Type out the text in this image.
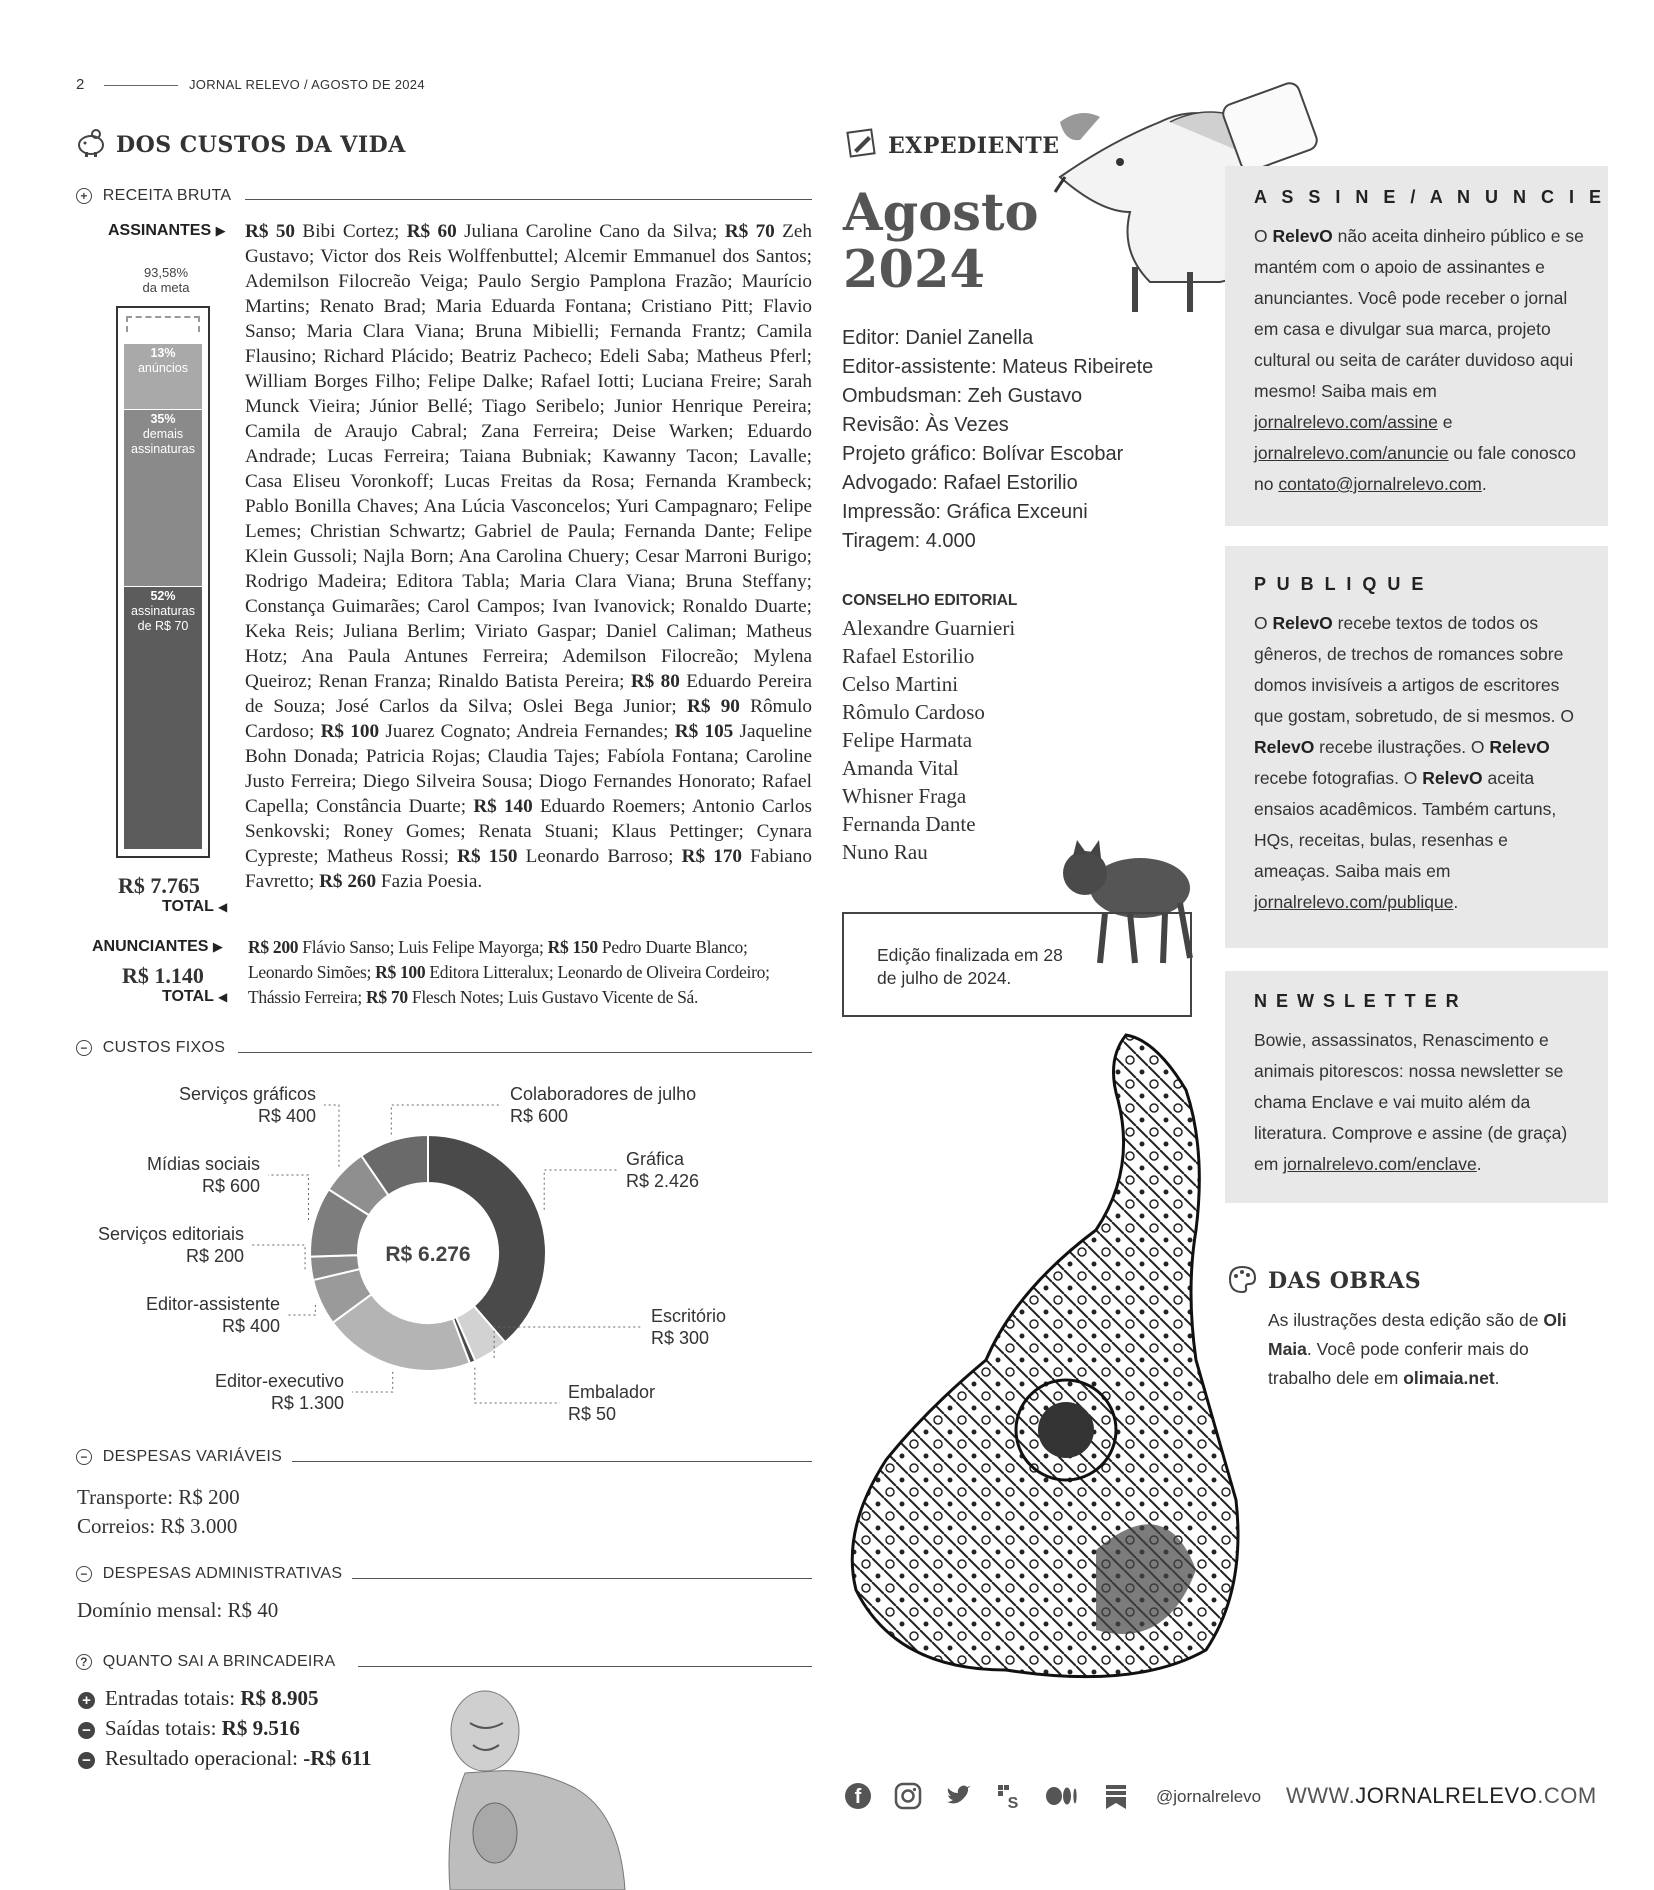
2	JORNAL RELEVO / AGOSTO DE 2024
DOS CUSTOS DA VIDA
+ RECEITA BRUTA
ASSINANTES ▶
93,58%
da meta
13%
anúncios
35%
demais assinaturas
52%
assinaturas de R$ 70
R$ 7.765
TOTAL ◀
R$ 50 Bibi Cortez; R$ 60 Juliana Caroline Cano da Silva; R$ 70 Zeh Gustavo; Victor dos Reis Wolffenbuttel; Alcemir Emmanuel dos Santos; Ademilson Filocreão Veiga; Paulo Sergio Pamplona Frazão; Maurício Martins; Renato Brad; Maria Eduarda Fontana; Cristiano Pitt; Flavio Sanso; Maria Clara Viana; Bruna Mibielli; Fernanda Frantz; Camila Flausino; Richard Plácido; Beatriz Pacheco; Edeli Saba; Matheus Pferl; William Borges Filho; Felipe Dalke; Rafael Iotti; Luciana Freire; Sarah Munck Vieira; Júnior Bellé; Tiago Seribelo; Junior Henrique Pereira; Camila de Araujo Cabral; Zana Ferreira; Deise Warken; Eduardo Andrade; Lucas Ferreira; Taiana Bubniak; Kawanny Tacon; Lavalle; Casa Eliseu Voronkoff; Lucas Freitas da Rosa; Fernanda Krambeck; Pablo Bonilla Chaves; Ana Lúcia Vasconcelos; Yuri Campagnaro; Felipe Lemes; Christian Schwartz; Gabriel de Paula; Fernanda Dante; Felipe Klein Gussoli; Najla Born; Ana Carolina Chuery; Cesar Marroni Burigo; Rodrigo Madeira; Editora Tabla; Maria Clara Viana; Bruna Steffany; Constança Guimarães; Carol Campos; Ivan Ivanovick; Ronaldo Duarte; Keka Reis; Juliana Berlim; Viriato Gaspar; Daniel Caliman; Matheus Hotz; Ana Paula Antunes Ferreira; Ademilson Filocreão; Mylena Queiroz; Renan Franza; Rinaldo Batista Pereira; R$ 80 Eduardo Pereira de Souza; José Carlos da Silva; Oslei Bega Junior; R$ 90 Rômulo Cardoso; R$ 100 Juarez Cognato; Andreia Fernandes; R$ 105 Jaqueline Bohn Donada; Patricia Rojas; Claudia Tajes; Fabíola Fontana; Caroline Justo Ferreira; Diego Silveira Sousa; Diogo Fernandes Honorato; Rafael Capella; Constância Duarte; R$ 140 Eduardo Roemers; Antonio Carlos Senkovski; Roney Gomes; Renata Stuani; Klaus Pettinger; Cynara Cypreste; Matheus Rossi; R$ 150 Leonardo Barroso; R$ 170 Fabiano Favretto; R$ 260 Fazia Poesia.
ANUNCIANTES ▶
R$ 1.140
TOTAL ◀
R$ 200 Flávio Sanso; Luis Felipe Mayorga; R$ 150 Pedro Duarte Blanco; Leonardo Simões; R$ 100 Editora Litteralux; Leonardo de Oliveira Cordeiro; Thássio Ferreira; R$ 70 Flesch Notes; Luis Gustavo Vicente de Sá.
− CUSTOS FIXOS
Gráfica
R$ 2.426
Escritório
R$ 300
Embalador
R$ 50
Editor-executivo
R$ 1.300
Editor-assistente
R$ 400
Serviços editoriais
R$ 200
Mídias sociais
R$ 600
Serviços gráficos
R$ 400
Colaboradores de julho
R$ 600
R$ 6.276
− DESPESAS VARIÁVEIS
Transporte: R$ 200
Correios: R$ 3.000
− DESPESAS ADMINISTRATIVAS
Domínio mensal: R$ 40
? QUANTO SAI A BRINCADEIRA
+ Entradas totais: R$ 8.905
− Saídas totais: R$ 9.516
− Resultado operacional: -R$ 611
EXPEDIENTE
Agosto
2024
Editor: Daniel Zanella
Editor-assistente: Mateus Ribeirete
Ombudsman: Zeh Gustavo
Revisão: Às Vezes
Projeto gráfico: Bolívar Escobar
Advogado: Rafael Estorilio
Impressão: Gráfica Exceuni
Tiragem: 4.000
CONSELHO EDITORIAL
Alexandre Guarnieri
Rafael Estorilio
Celso Martini
Rômulo Cardoso
Felipe Harmata
Amanda Vital
Whisner Fraga
Fernanda Dante
Nuno Rau
Edição finalizada em 28 de julho de 2024.
A S S I N E / A N U N C I E
O RelevO não aceita dinheiro público e se mantém com o apoio de assinantes e anunciantes. Você pode receber o jornal em casa e divulgar sua marca, projeto cultural ou seita de caráter duvidoso aqui mesmo! Saiba mais em jornalrelevo.com/assine e jornalrelevo.com/anuncie ou fale conosco no contato@jornalrelevo.com.
P U B L I Q U E
O RelevO recebe textos de todos os gêneros, de trechos de romances sobre domos invisíveis a artigos de escritores que gostam, sobretudo, de si mesmos. O RelevO recebe ilustrações. O RelevO recebe fotografias. O RelevO aceita ensaios acadêmicos. Também cartuns, HQs, receitas, bulas, resenhas e ameaças. Saiba mais em jornalrelevo.com/publique.
N E W S L E T T E R
Bowie, assassinatos, Renascimento e animais pitorescos: nossa newsletter se chama Enclave e vai muito além da literatura. Comprove e assine (de graça) em jornalrelevo.com/enclave.
DAS OBRAS
As ilustrações desta edição são de Oli Maia. Você pode conferir mais do trabalho dele em olimaia.net.
f	S	@jornalrelevo WWW.JORNALRELEVO.COM
